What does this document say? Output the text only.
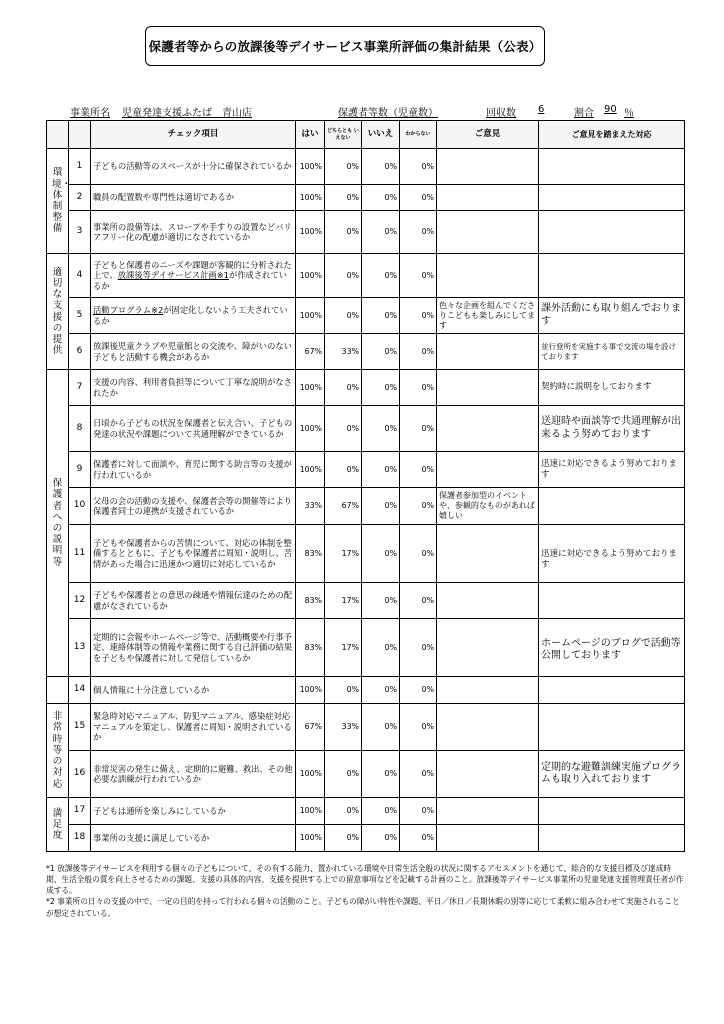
保護者等からの放課後等デイサービス事業所評価の集計結果（公表）
事業所名 児童発達支援ふたば　青山店	保護者等数（児童数）	回収数 6	割合 90 ％
		チェック項目	はい	どちらとも いえない	いいえ	わからない	ご意見	ご意見を踏まえた対応
環境・体制整備	1	子どもの活動等のスペースが十分に確保されているか	100%	0%	0%	0%		
	2	職員の配置数や専門性は適切であるか	100%	0%	0%	0%		
	3	事業所の設備等は、スロープや手すりの設置などバリアフリー化の配慮が適切になされているか	100%	0%	0%	0%		
適切な支援の提供	4	子どもと保護者のニーズや課題が客観的に分析された上で、放課後等デイサービス計画※1が作成されているか	100%	0%	0%	0%		
	5	活動プログラム※2が固定化しないよう工夫されているか	100%	0%	0%	0%	色々な企画を組んでくださりこどもも楽しみにしてます	課外活動にも取り組んでおります
	6	放課後児童クラブや児童館との交流や、障がいのない子どもと活動する機会があるか	67%	33%	0%	0%		並行登所を実施する事で交流の場を設けております
保護者への説明等	7	支援の内容、利用者負担等について丁寧な説明がなされたか	100%	0%	0%	0%		契約時に説明をしております
	8	日頃から子どもの状況を保護者と伝え合い、子どもの発達の状況や課題について共通理解ができているか	100%	0%	0%	0%		送迎時や面談等で共通理解が出来るよう努めております
	9	保護者に対して面談や、育児に関する助言等の支援が行われているか	100%	0%	0%	0%		迅速に対応できるよう努めております
	10	父母の会の活動の支援や、保護者会等の開催等により保護者同士の連携が支援されているか	33%	67%	0%	0%	保護者参加型のイベントや、参観的なものがあれば嬉しい	
	11	子どもや保護者からの苦情について、対応の体制を整備するとともに、子どもや保護者に周知・説明し、苦情があった場合に迅速かつ適切に対応しているか	83%	17%	0%	0%		迅速に対応できるよう努めております
	12	子どもや保護者との意思の疎通や情報伝達のための配慮がなされているか	83%	17%	0%	0%		
	13	定期的に会報やホームページ等で、活動概要や行事予定、連絡体制等の情報や業務に関する自己評価の結果を子どもや保護者に対して発信しているか	83%	17%	0%	0%		ホームページのブログで活動等公開しております
	14	個人情報に十分注意しているか	100%	0%	0%	0%		
非常時等の対応	15	緊急時対応マニュアル、防犯マニュアル、感染症対応マニュアルを策定し、保護者に周知・説明されているか	67%	33%	0%	0%		
	16	非常災害の発生に備え、定期的に避難、救出、その他必要な訓練が行われているか	100%	0%	0%	0%		定期的な避難訓練実施プログラムも取り入れております
満足度	17	子どもは通所を楽しみにしているか	100%	0%	0%	0%		
	18	事業所の支援に満足しているか	100%	0%	0%	0%		
*1 放課後等デイサービスを利用する個々の子どもについて、その有する能力、置かれている環境や日常生活全般の状況に関するアセスメントを通じて、総合的な支援目標及び達成時期、生活全般の質を向上させるための課題、支援の具体的内容、支援を提供する上での留意事項などを記載する計画のこと。放課後等デイサービス事業所の児童発達支援管理責任者が作成する。
*2 事業所の日々の支援の中で、一定の目的を持って行われる個々の活動のこと。子どもの障がい特性や課題、平日／休日／長期休暇の別等に応じて柔軟に組み合わせて実施されることが想定されている。
